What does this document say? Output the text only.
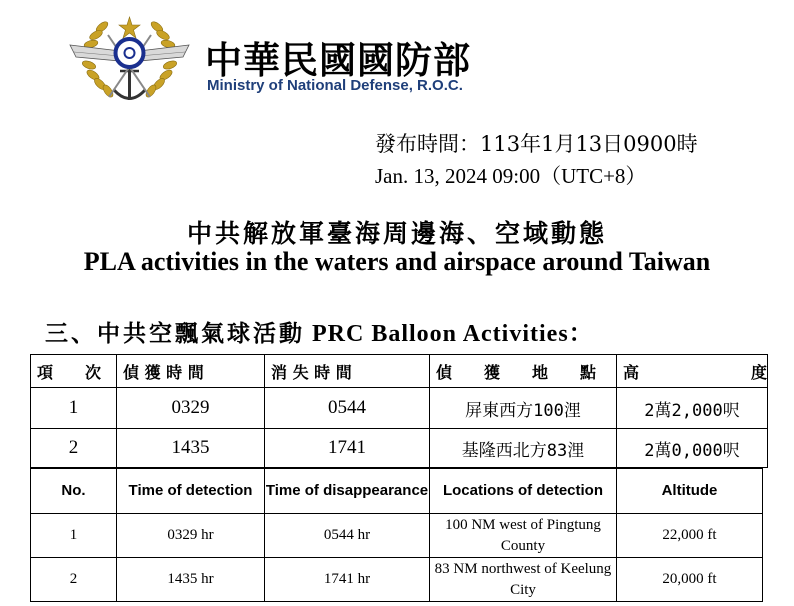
中華民國國防部
Ministry of National Defense, R.O.C.
發布時間：113年1月13日0900時
Jan. 13, 2024 09:00（UTC+8）
中共解放軍臺海周邊海、空域動態
PLA activities in the waters and airspace around Taiwan
三、中共空飄氣球活動 PRC Balloon Activities：
項　　次	偵 獲 時 間	消 失 時 間	偵　　獲　　地　　點	高　　　　　　　度
1	0329	0544	屏東西方100浬	2萬2,000呎
2	1435	1741	基隆西北方83浬	2萬0,000呎
No.	Time of detection	Time of disappearance	Locations of detection	Altitude
1	0329 hr	0544 hr	100 NM west of Pingtung County	22,000 ft
2	1435 hr	1741 hr	83 NM northwest of Keelung City	20,000 ft
